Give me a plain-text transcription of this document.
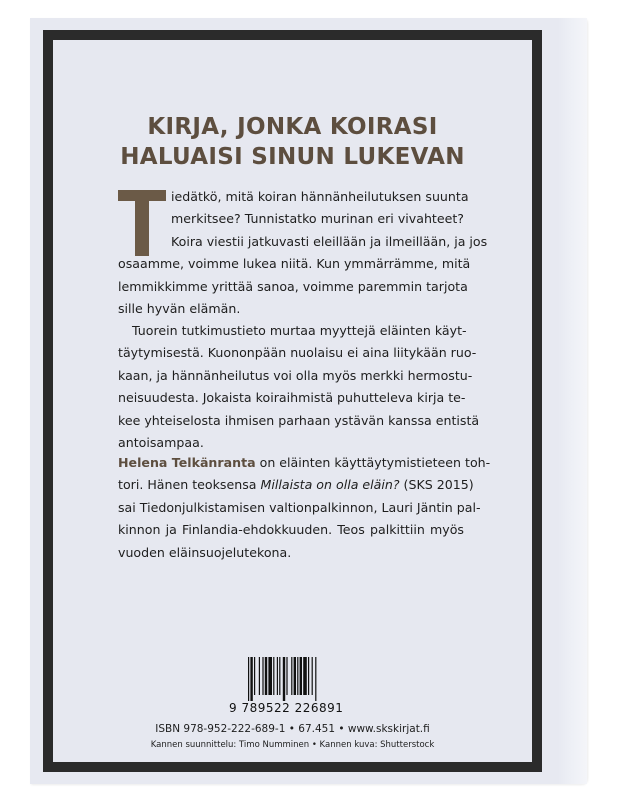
KIRJA, JONKA KOIRASI
HALUAISI SINUN LUKEVAN
iedätkö, mitä koiran hännänheilutuksen suunta
merkitsee? Tunnistatko murinan eri vivahteet?
Koira viestii jatkuvasti eleillään ja ilmeillään, ja jos
osaamme, voimme lukea niitä. Kun ymmärrämme, mitä
lemmikkimme yrittää sanoa, voimme paremmin tarjota
sille hyvän elämän.
Tuorein tutkimustieto murtaa myyttejä eläinten käyt-
täytymisestä. Kuononpään nuolaisu ei aina liitykään ruo-
kaan, ja hännänheilutus voi olla myös merkki hermostu-
neisuudesta. Jokaista koiraihmistä puhutteleva kirja te-
kee yhteiselosta ihmisen parhaan ystävän kanssa entistä
antoisampaa.
Helena Telkänranta on eläinten käyttäytymistieteen toh-
tori. Hänen teoksensa Millaista on olla eläin? (SKS 2015)
sai Tiedonjulkistamisen valtionpalkinnon, Lauri Jäntin pal-
kinnon ja Finlandia-ehdokkuuden. Teos palkittiin myös
vuoden eläinsuojelutekona.
9 789522 226891
ISBN 978-952-222-689-1 • 67.451 • www.skskirjat.fi
Kannen suunnittelu: Timo Numminen • Kannen kuva: Shutterstock
